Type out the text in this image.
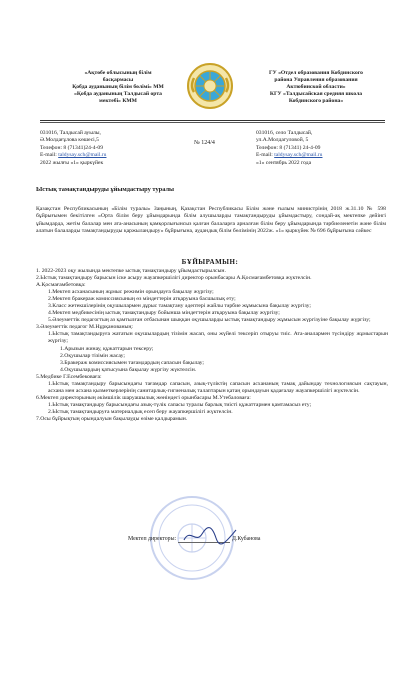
«Ақтөбе облысының білім
басқармасы
Қобда ауданының білім бөлімі» ММ
«Қобда ауданының Талдысай орта
мектебі» КММ
ГУ «Отдел образования Кобдинского
района Управления образования
Актюбинской области»
КГУ «Талдысайская средняя школа
Кобдинского района»
031016, Талдысай ауылы,
Ә.Молдағұлова көшесі,5
Телефон: 8 (71341)24-4-09
E-mail: taldysay.sch@mail.ru
2022 жылғы «1» қыркүйек
№ 124/4
031016, село Талдысай,
ул.А.Молдагуловой, 5
Телефон: 8 (71341) 24-4-09
E-mail: taldysay.sch@mail.ru
«1» сентябрь 2022 года
Ыстық тамақтандыруды ұйымдастыру туралы
Қазақстан Республикасының «Білім туралы» Заңының, Қазақстан Республикасы Білім және ғылым министрінің 2018 ж.31.10 № 598 бұйрығымен бекітілген «Орта білім беру ұйымдарында білім алушыларды тамақтандыруды ұйымдастыру, сондай-ақ мектепке дейінгі ұйымдарда, жетім балалар мен ата-анасының қамқорлығынсыз қалған балаларға арналған білім беру ұйымдарында тәрбиеленетін және білім алатын балаларды тамақтандыруды қаржыландыру» бұйрығына, аудандық білім бөлімінің 2022ж. «1» қыркүйек № 696 бұйрығына сәйкес
БҰЙЫРАМЫН:

1. 2022-2023 оқу жылында мектепке ыстық тамақтандыру ұйымдастырылсын.

2.Ыстық тамақтандыру барысын іске асыру жауапкершілігі директор орынбасары А.Қосмағамбетовқа жүктелсін.

А.Қосмағамбетовқа:

1.Мектеп асханасының жұмыс режимін орындауға бақылау жүргізу;

2.Мектеп бракераж комиссиясының өз міндеттерін атқаруына басшылық ету;

3.Класс жетекшілерінің оқушылармен дұрыс тамақтану әдептері жайлы тәрбие жұмысына бақылау жүргізу;

4.Мектеп медбикесінің ыстық тамақтандыру бойынша міндеттерін атқаруына бақылау жүргізу;

5.Әлеуметтік педагогтың аз қамтылған отбасынан шыққан оқушыларды ыстық тамақтандыру жұмысын жүргізуіне бақылау жүргізу;

3.Әлеуметтік педагог М.Нұрқанованың:

1.Ыстық тамақтандыруға жататын оқушылардың тізімін жасап, оны жүйелі тексеріп отыруы тиіс. Ата-аналармен түсіндіру жұмыстарын жүргізу;

1.Арызын жинау, құжаттарын тексеру;

2.Оқушылар тізімін жасау;

3.Бракераж комиссиясымен тағамдардың сапасын бақылау;

4.Оқушылардың қатысуына бақылау жүргізу жүктелсін.

5.Медбике Г.Есембековаға:

1.Ыстық тамақтандыру барысындағы тағамдар сапасын, азық-түліктің сапасын асхананың тамақ дайындау технологиясын сақтауын, асхана мен асхана қызметкерлерінің санитарлық-гигиеналық талаптарын қатаң орындауын қадағалау жауапкершілігі жүктелсін.

6.Мектеп директорының әкімшілік шаруашылық жөніндегі орынбасары М.Утебаловаға:

1.Ыстық тамақтандыру барысындағы азық-түлік сапасы туралы барлық тиісті құжаттармен қамтамасыз ету;

2.Ыстық тамақтандыруға материалдық есеп беру жауапкершілігі жүктелсін.

7.Осы бұйрықтың орындалуын бақылауды өзіме қалдырамын.

Мектеп директоры:	Д.Кубанова
